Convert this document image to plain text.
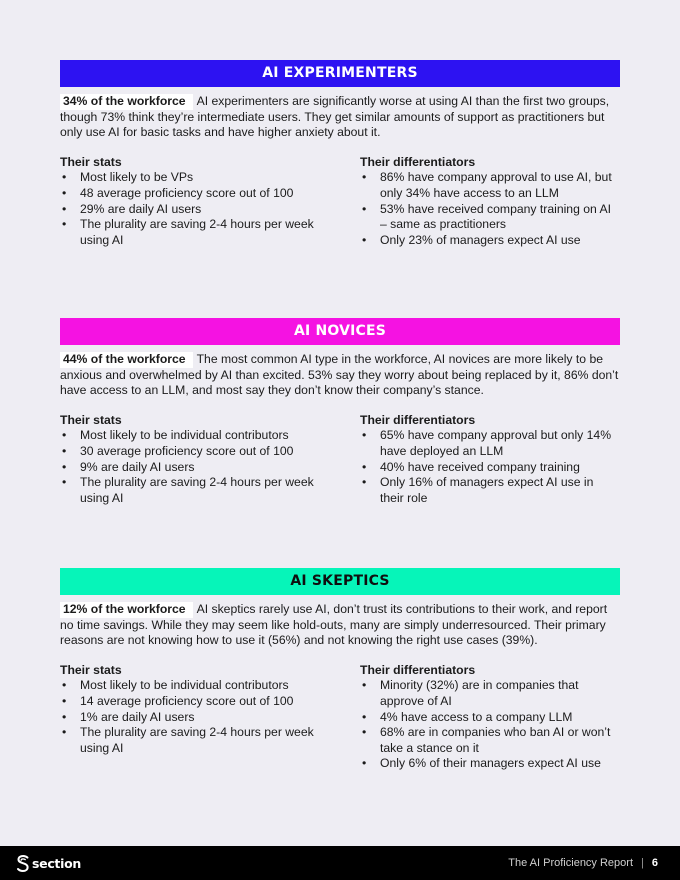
AI EXPERIMENTERS
34% of the workforce AI experimenters are significantly worse at using AI than the first two groups, though 73% think they’re intermediate users. They get similar amounts of support as practitioners but only use AI for basic tasks and have higher anxiety about it.
Their stats
• Most likely to be VPs
• 48 average proficiency score out of 100
• 29% are daily AI users
• The plurality are saving 2-4 hours per week using AI
Their differentiators
• 86% have company approval to use AI, but only 34% have access to an LLM
• 53% have received company training on AI – same as practitioners
• Only 23% of managers expect AI use
AI NOVICES
44% of the workforce The most common AI type in the workforce, AI novices are more likely to be anxious and overwhelmed by AI than excited. 53% say they worry about being replaced by it, 86% don’t have access to an LLM, and most say they don’t know their company’s stance.
Their stats
• Most likely to be individual contributors
• 30 average proficiency score out of 100
• 9% are daily AI users
• The plurality are saving 2-4 hours per week using AI
Their differentiators
• 65% have company approval but only 14% have deployed an LLM
• 40% have received company training
• Only 16% of managers expect AI use in their role
AI SKEPTICS
12% of the workforce AI skeptics rarely use AI, don’t trust its contributions to their work, and report no time savings. While they may seem like hold-outs, many are simply underresourced. Their primary reasons are not knowing how to use it (56%) and not knowing the right use cases (39%).
Their stats
• Most likely to be individual contributors
• 14 average proficiency score out of 100
• 1% are daily AI users
• The plurality are saving 2-4 hours per week using AI
Their differentiators
• Minority (32%) are in companies that approve of AI
• 4% have access to a company LLM
• 68% are in companies who ban AI or won’t take a stance on it
• Only 6% of their managers expect AI use
section	The AI Proficiency Report | 6
